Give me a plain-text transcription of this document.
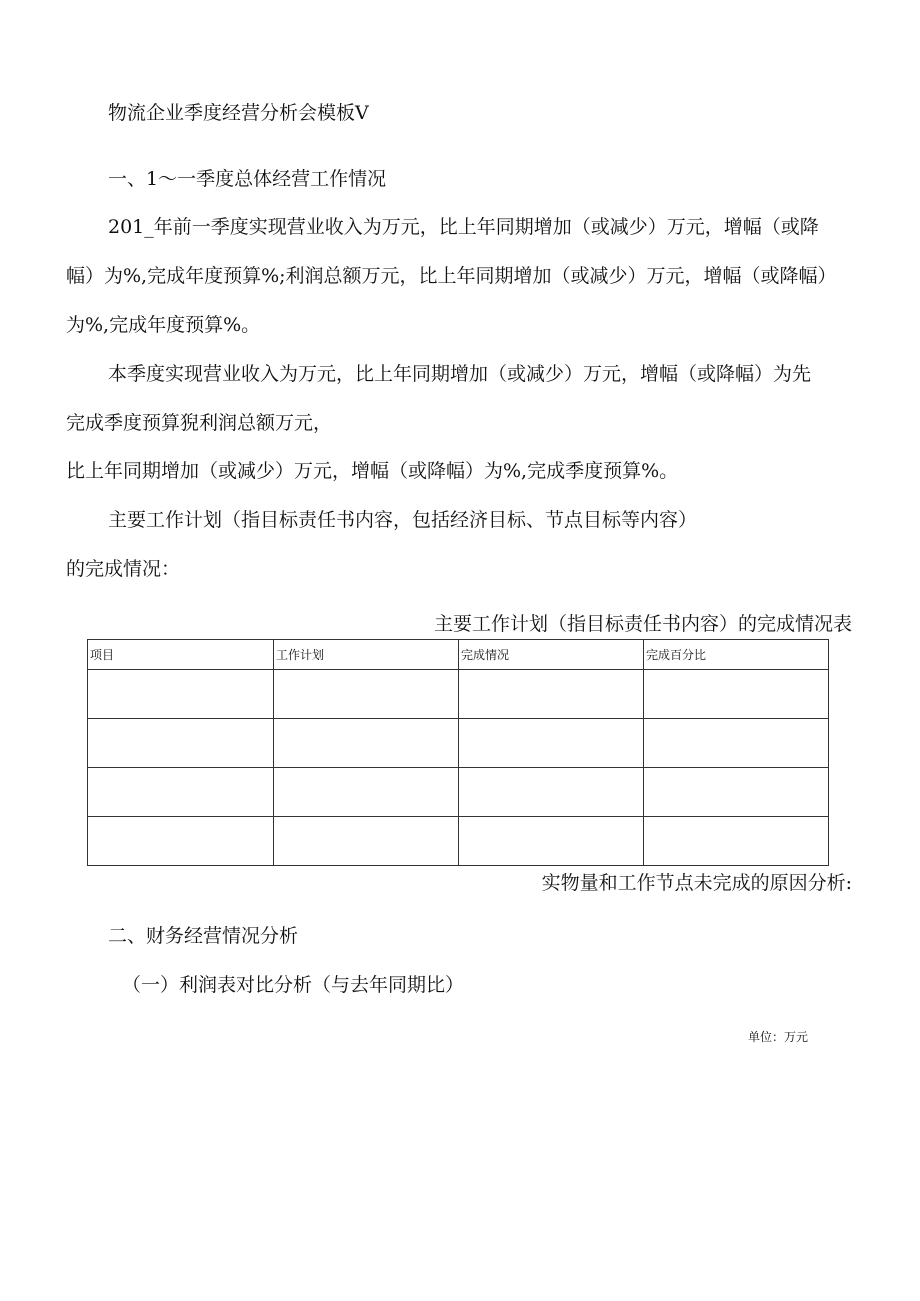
物流企业季度经营分析会模板Ⅴ

一、1～一季度总体经营工作情况

201_年前一季度实现营业收入为万元，比上年同期增加（或减少）万元，增幅（或降

幅）为%,完成年度预算%;利润总额万元，比上年同期增加（或减少）万元，增幅（或降幅）

为%,完成年度预算%。

本季度实现营业收入为万元，比上年同期增加（或减少）万元，增幅（或降幅）为先

完成季度预算猊利润总额万元，

比上年同期增加（或减少）万元，增幅（或降幅）为%,完成季度预算%。

主要工作计划（指目标责任书内容，包括经济目标、节点目标等内容）

的完成情况：

主要工作计划（指目标责任书内容）的完成情况表

项目	工作计划	完成情况	完成百分比

实物量和工作节点未完成的原因分析:

二、财务经营情况分析

（一）利润表对比分析（与去年同期比）

单位：万元
